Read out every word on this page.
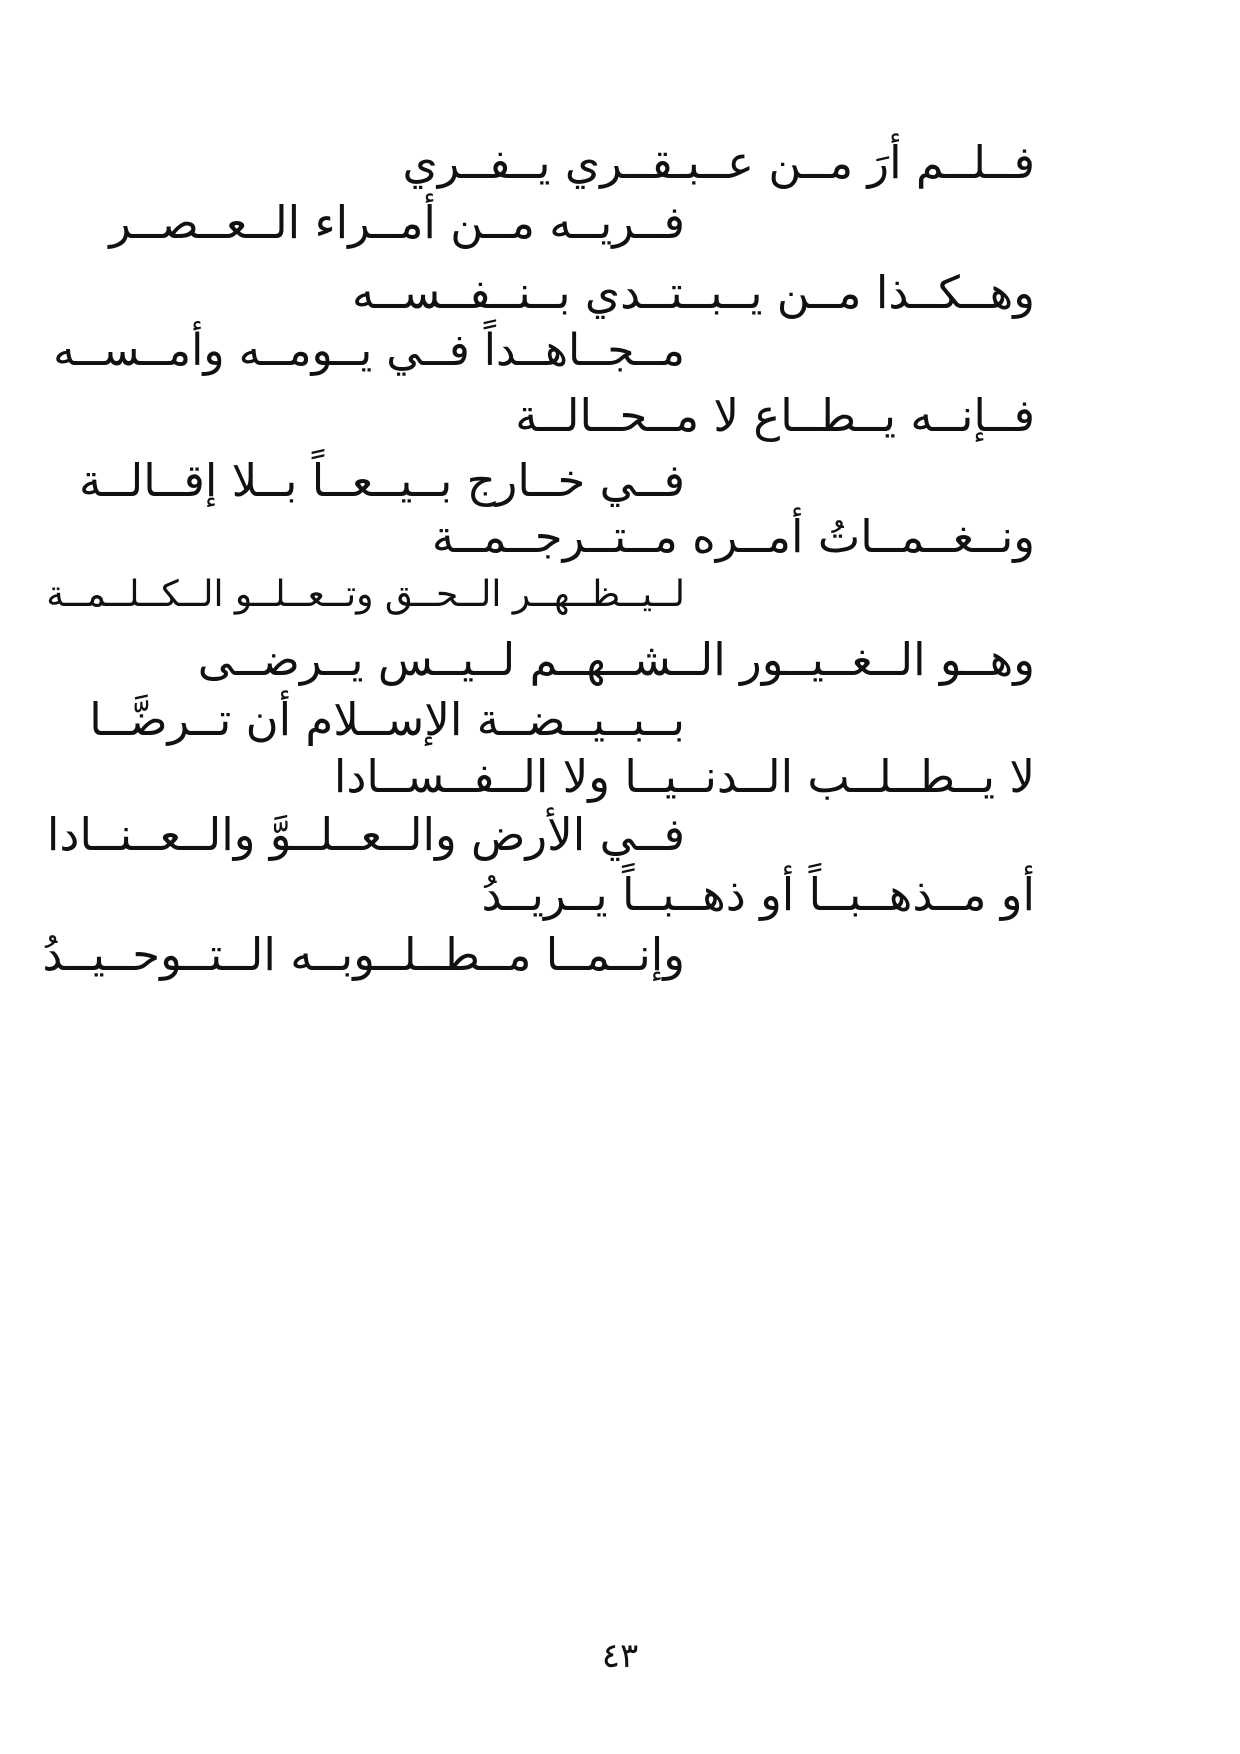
فــلــم أرَ مــن عــبـقــري يــفــري
فــريــه مــن أمــراء الــعــصــر
وهــكــذا مــن يــبــتــدي بــنــفــســه
مــجــاهــداً فــي يــومــه وأمــســه
فــإنــه يــطــاع لا مــحــالــة
فــي خــارج بــيــعــاً بــلا إقــالــة
ونــغــمــاتُ أمــره مــتــرجــمــة
لــيــظــهــر الــحــق وتــعــلــو الــكــلــمــة
وهــو الــغــيــور الــشــهــم لــيــس يــرضــى
بــبــيــضــة الإســلام أن تــرضَّــا
لا يــطــلــب الــدنــيــا ولا الــفــســادا
فــي الأرض والــعــلــوَّ والــعــنــادا
أو مــذهــبــاً أو ذهــبــاً يــريــدُ
وإنــمــا مــطــلــوبــه الــتــوحــيــدُ
٤٣
